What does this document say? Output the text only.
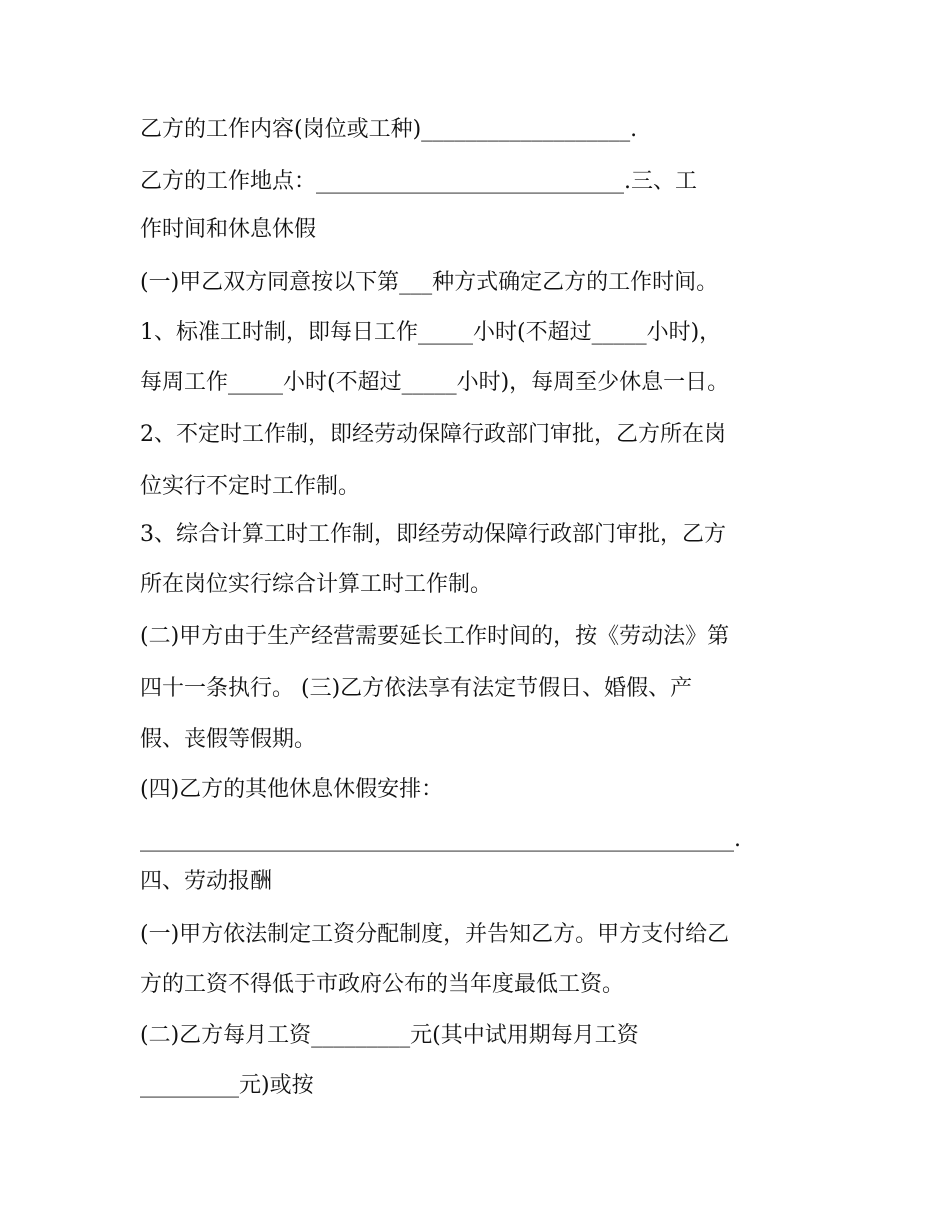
乙方的工作内容(岗位或工种)___________________.
乙方的工作地点：____________________________.三、工
作时间和休息休假
(一)甲乙双方同意按以下第___种方式确定乙方的工作时间。
1、标准工时制，即每日工作_____小时(不超过_____小时)，
每周工作_____小时(不超过_____小时)，每周至少休息一日。
2、不定时工作制，即经劳动保障行政部门审批，乙方所在岗
位实行不定时工作制。
3、综合计算工时工作制，即经劳动保障行政部门审批，乙方
所在岗位实行综合计算工时工作制。
(二)甲方由于生产经营需要延长工作时间的，按《劳动法》第
四十一条执行。 (三)乙方依法享有法定节假日、婚假、产
假、丧假等假期。
(四)乙方的其他休息休假安排：
______________________________________________________.
四、劳动报酬
(一)甲方依法制定工资分配制度，并告知乙方。甲方支付给乙
方的工资不得低于市政府公布的当年度最低工资。
(二)乙方每月工资_________元(其中试用期每月工资
_________元)或按
